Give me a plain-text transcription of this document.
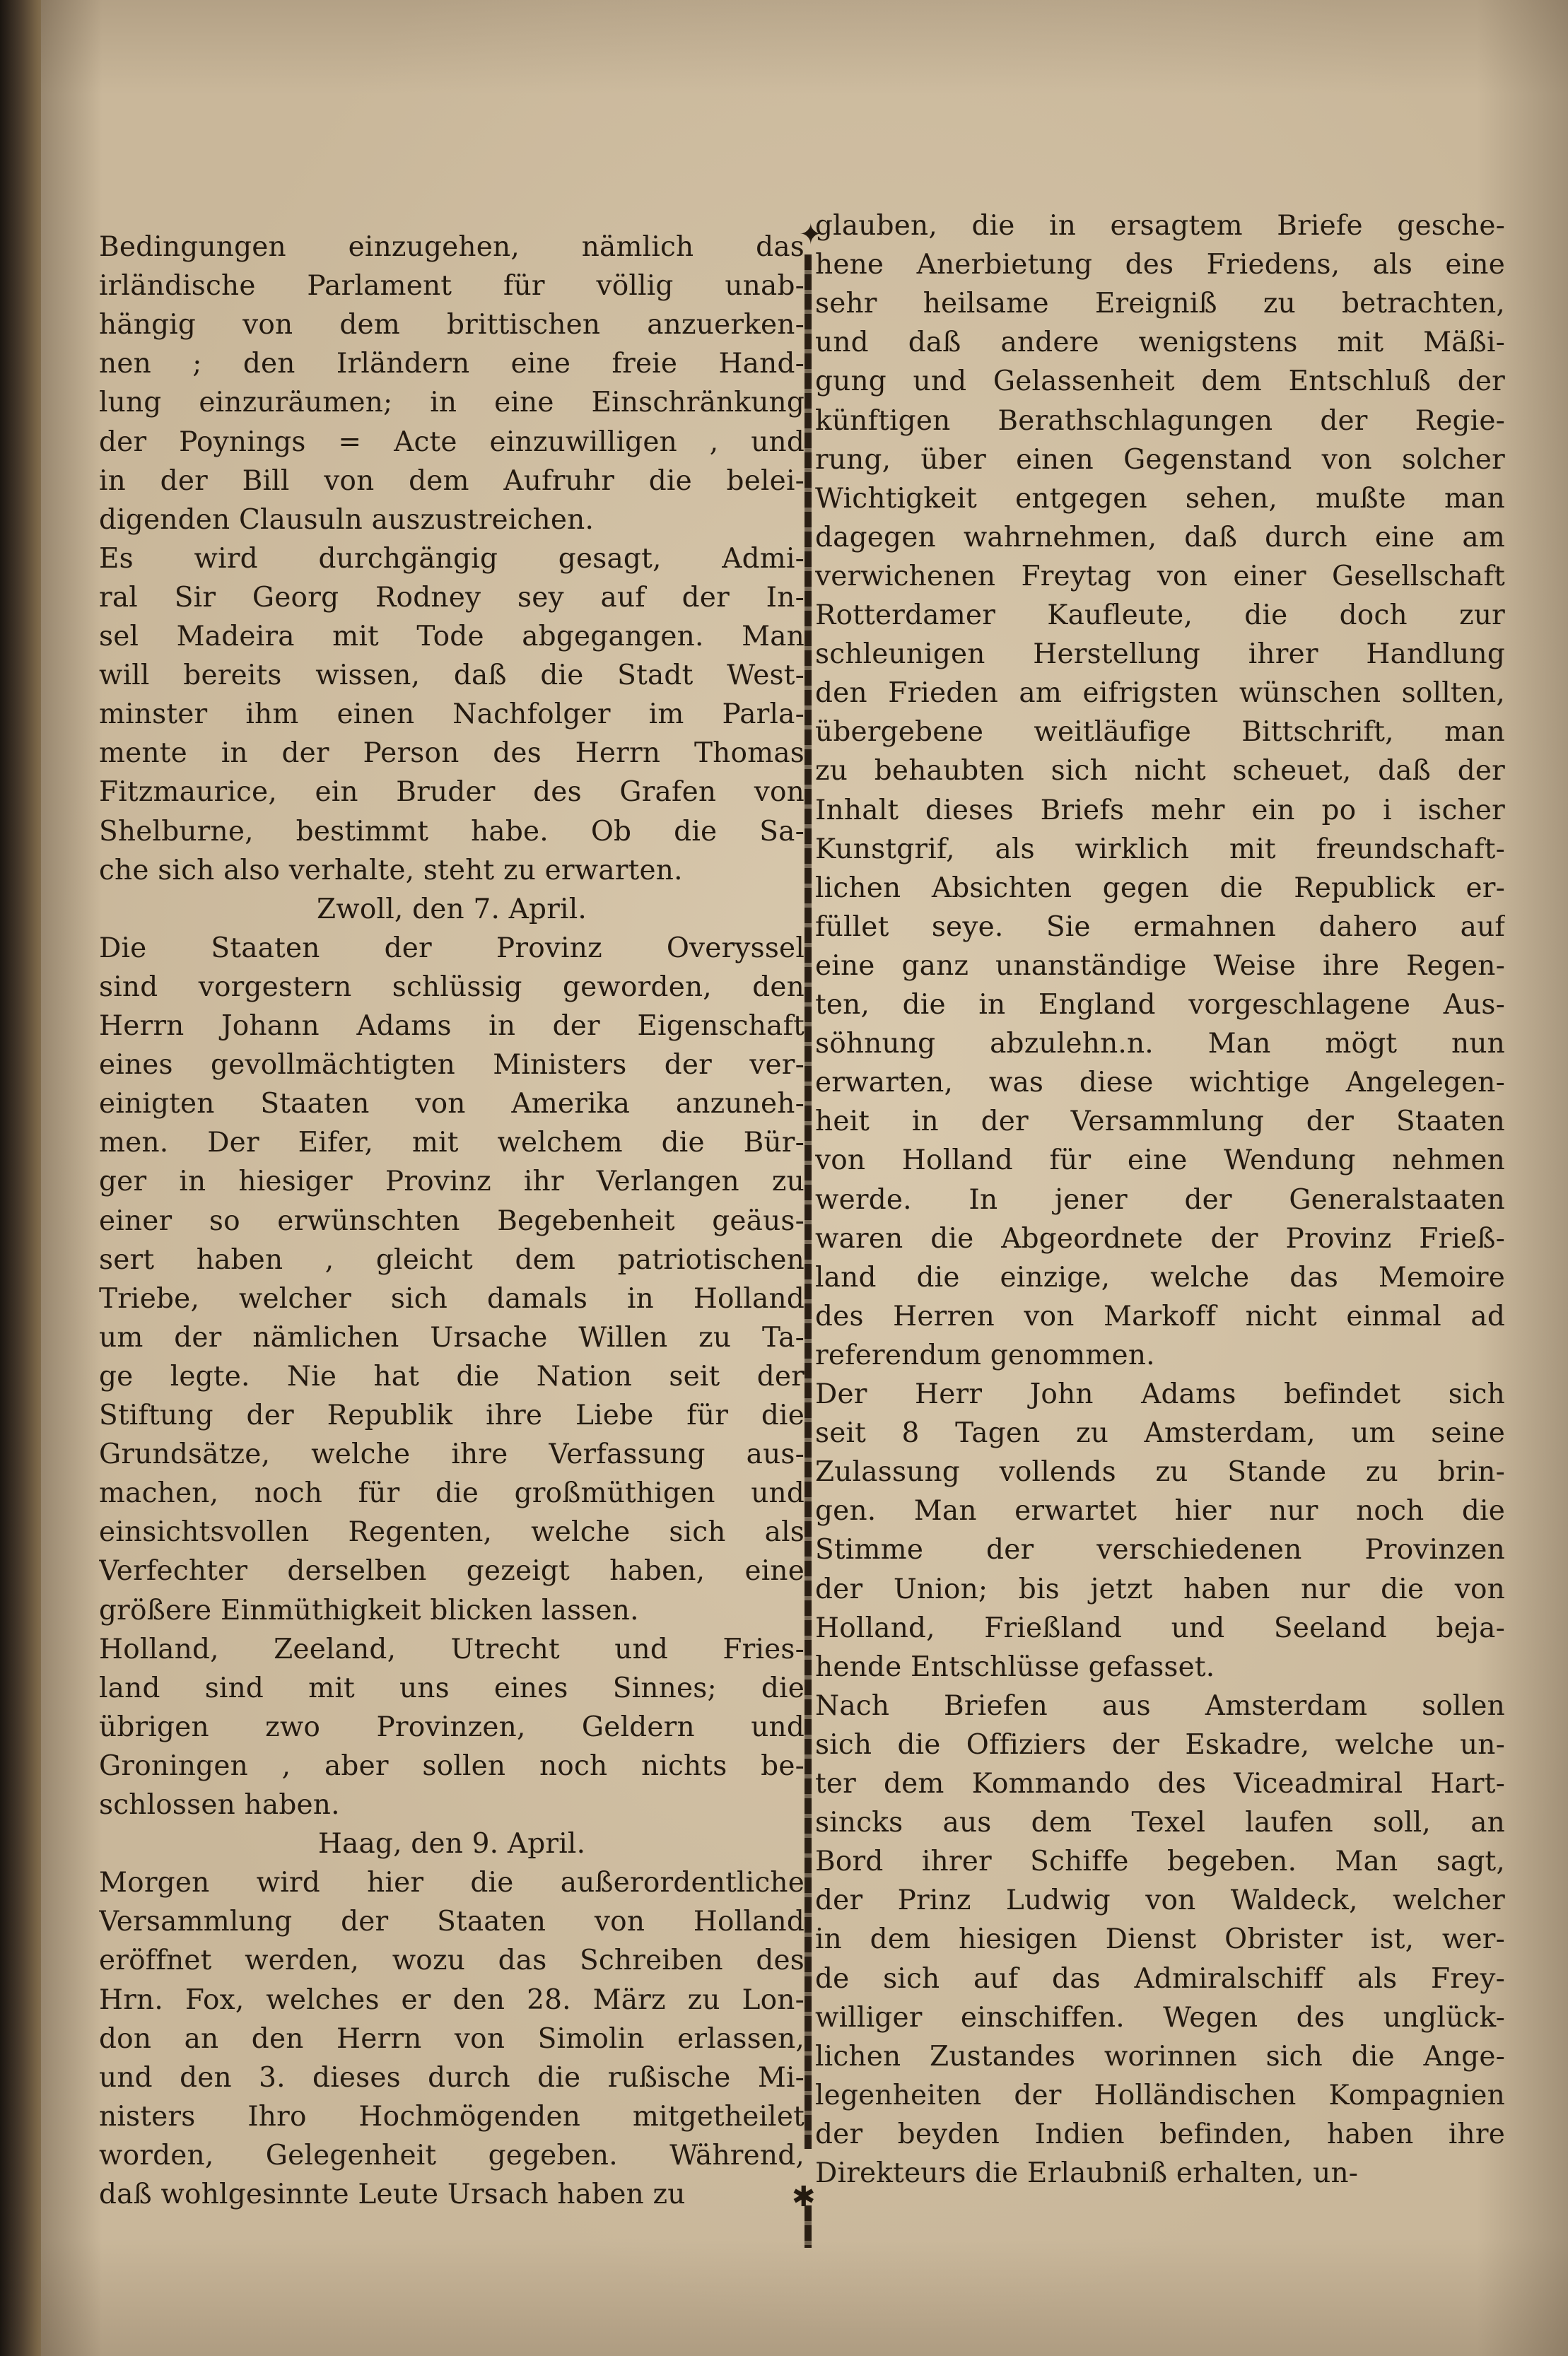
Bedingungen einzugehen, nämlich das
irländische Parlament für völlig unab-
hängig von dem brittischen anzuerken-
nen ; den Irländern eine freie Hand-
lung einzuräumen; in eine Einschränkung
der Poynings = Acte einzuwilligen , und
in der Bill von dem Aufruhr die belei-
digenden Clausuln auszustreichen.
Es wird durchgängig gesagt, Admi-
ral Sir Georg Rodney sey auf der In-
sel Madeira mit Tode abgegangen. Man
will bereits wissen, daß die Stadt West-
minster ihm einen Nachfolger im Parla-
mente in der Person des Herrn Thomas
Fitzmaurice, ein Bruder des Grafen von
Shelburne, bestimmt habe. Ob die Sa-
che sich also verhalte, steht zu erwarten.
Zwoll, den 7. April.
Die Staaten der Provinz Overyssel
sind vorgestern schlüssig geworden, den
Herrn Johann Adams in der Eigenschaft
eines gevollmächtigten Ministers der ver-
einigten Staaten von Amerika anzuneh-
men. Der Eifer, mit welchem die Bür-
ger in hiesiger Provinz ihr Verlangen zu
einer so erwünschten Begebenheit geäus-
sert haben , gleicht dem patriotischen
Triebe, welcher sich damals in Holland
um der nämlichen Ursache Willen zu Ta-
ge legte. Nie hat die Nation seit der
Stiftung der Republik ihre Liebe für die
Grundsätze, welche ihre Verfassung aus-
machen, noch für die großmüthigen und
einsichtsvollen Regenten, welche sich als
Verfechter derselben gezeigt haben, eine
größere Einmüthigkeit blicken lassen.
Holland, Zeeland, Utrecht und Fries-
land sind mit uns eines Sinnes; die
übrigen zwo Provinzen, Geldern und
Groningen , aber sollen noch nichts be-
schlossen haben.
Haag, den 9. April.
Morgen wird hier die außerordentliche
Versammlung der Staaten von Holland
eröffnet werden, wozu das Schreiben des
Hrn. Fox, welches er den 28. März zu Lon-
don an den Herrn von Simolin erlassen,
und den 3. dieses durch die rußische Mi-
nisters Ihro Hochmögenden mitgetheilet
worden, Gelegenheit gegeben. Während,
daß wohlgesinnte Leute Ursach haben zu
glauben, die in ersagtem Briefe gesche-
hene Anerbietung des Friedens, als eine
sehr heilsame Ereigniß zu betrachten,
und daß andere wenigstens mit Mäßi-
gung und Gelassenheit dem Entschluß der
künftigen Berathschlagungen der Regie-
rung, über einen Gegenstand von solcher
Wichtigkeit entgegen sehen, mußte man
dagegen wahrnehmen, daß durch eine am
verwichenen Freytag von einer Gesellschaft
Rotterdamer Kaufleute, die doch zur
schleunigen Herstellung ihrer Handlung
den Frieden am eifrigsten wünschen sollten,
übergebene weitläufige Bittschrift, man
zu behaubten sich nicht scheuet, daß der
Inhalt dieses Briefs mehr ein po i ischer
Kunstgrif, als wirklich mit freundschaft-
lichen Absichten gegen die Republick er-
füllet seye. Sie ermahnen dahero auf
eine ganz unanständige Weise ihre Regen-
ten, die in England vorgeschlagene Aus-
söhnung abzulehn.n. Man mögt nun
erwarten, was diese wichtige Angelegen-
heit in der Versammlung der Staaten
von Holland für eine Wendung nehmen
werde. In jener der Generalstaaten
waren die Abgeordnete der Provinz Frieß-
land die einzige, welche das Memoire
des Herren von Markoff nicht einmal ad
referendum genommen.
Der Herr John Adams befindet sich
seit 8 Tagen zu Amsterdam, um seine
Zulassung vollends zu Stande zu brin-
gen. Man erwartet hier nur noch die
Stimme der verschiedenen Provinzen
der Union; bis jetzt haben nur die von
Holland, Frießland und Seeland beja-
hende Entschlüsse gefasset.
Nach Briefen aus Amsterdam sollen
sich die Offiziers der Eskadre, welche un-
ter dem Kommando des Viceadmiral Hart-
sincks aus dem Texel laufen soll, an
Bord ihrer Schiffe begeben. Man sagt,
der Prinz Ludwig von Waldeck, welcher
in dem hiesigen Dienst Obrister ist, wer-
de sich auf das Admiralschiff als Frey-
williger einschiffen. Wegen des unglück-
lichen Zustandes worinnen sich die Ange-
legenheiten der Holländischen Kompagnien
der beyden Indien befinden, haben ihre
Direkteurs die Erlaubniß erhalten, un-
✦
✱
